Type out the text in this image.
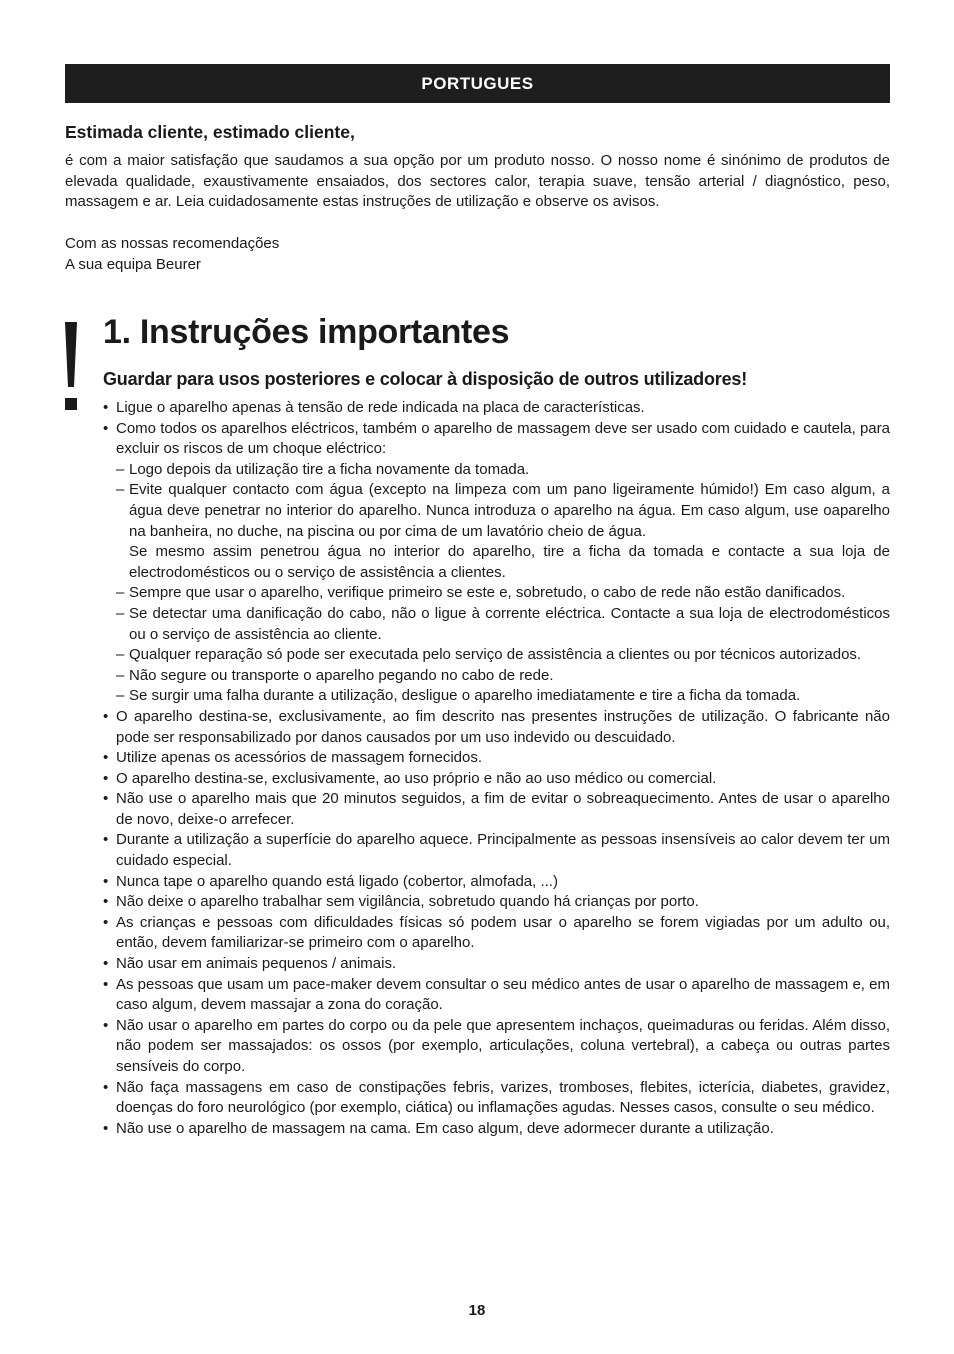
PORTUGUES
Estimada cliente, estimado cliente,
é com a maior satisfação que saudamos a sua opção por um produto nosso. O nosso nome é sinónimo de produtos de elevada qualidade, exaustivamente ensaiados, dos sectores calor, terapia suave, tensão arterial / diagnóstico, peso, massagem e ar. Leia cuidadosamente estas instruções de utilização e observe os avisos.
Com as nossas recomendações
A sua equipa Beurer
1. Instruções importantes
Guardar para usos posteriores e colocar à disposição de outros utilizadores!
• Ligue o aparelho apenas à tensão de rede indicada na placa de características.
• Como todos os aparelhos eléctricos, também o aparelho de massagem deve ser usado com cuidado e cautela, para excluir os riscos de um choque eléctrico:
– Logo depois da utilização tire a ficha novamente da tomada.
– Evite qualquer contacto com água (excepto na limpeza com um pano ligeiramente húmido!) Em caso algum, a água deve penetrar no interior do aparelho. Nunca introduza o aparelho na água. Em caso algum, use oaparelho na banheira, no duche, na piscina ou por cima de um lavatório cheio de água.
Se mesmo assim penetrou água no interior do aparelho, tire a ficha da tomada e contacte a sua loja de electrodomésticos ou o serviço de assistência a clientes.
– Sempre que usar o aparelho, verifique primeiro se este e, sobretudo, o cabo de rede não estão danificados.
– Se detectar uma danificação do cabo, não o ligue à corrente eléctrica. Contacte a sua loja de electrodomésticos ou o serviço de assistência ao cliente.
– Qualquer reparação só pode ser executada pelo serviço de assistência a clientes ou por técnicos autorizados.
– Não segure ou transporte o aparelho pegando no cabo de rede.
– Se surgir uma falha durante a utilização, desligue o aparelho imediatamente e tire a ficha da tomada.
• O aparelho destina-se, exclusivamente, ao fim descrito nas presentes instruções de utilização. O fabricante não pode ser responsabilizado por danos causados por um uso indevido ou descuidado.
• Utilize apenas os acessórios de massagem fornecidos.
• O aparelho destina-se, exclusivamente, ao uso próprio e não ao uso médico ou comercial.
• Não use o aparelho mais que 20 minutos seguidos, a fim de evitar o sobreaquecimento. Antes de usar o aparelho de novo, deixe-o arrefecer.
• Durante a utilização a superfície do aparelho aquece. Principalmente as pessoas insensíveis ao calor devem ter um cuidado especial.
• Nunca tape o aparelho quando está ligado (cobertor, almofada, ...)
• Não deixe o aparelho trabalhar sem vigilância, sobretudo quando há crianças por porto.
• As crianças e pessoas com dificuldades físicas só podem usar o aparelho se forem vigiadas por um adulto ou, então, devem familiarizar-se primeiro com o aparelho.
• Não usar em animais pequenos / animais.
• As pessoas que usam um pace-maker devem consultar o seu médico antes de usar o aparelho de massagem e, em caso algum, devem massajar a zona do coração.
• Não usar o aparelho em partes do corpo ou da pele que apresentem inchaços, queimaduras ou feridas. Além disso, não podem ser massajados: os ossos (por exemplo, articulações, coluna vertebral), a cabeça ou outras partes sensíveis do corpo.
• Não faça massagens em caso de constipações febris, varizes, tromboses, flebites, icterícia, diabetes, gravidez, doenças do foro neurológico (por exemplo, ciática) ou inflamações agudas. Nesses casos, consulte o seu médico.
• Não use o aparelho de massagem na cama. Em caso algum, deve adormecer durante a utilização.
18
